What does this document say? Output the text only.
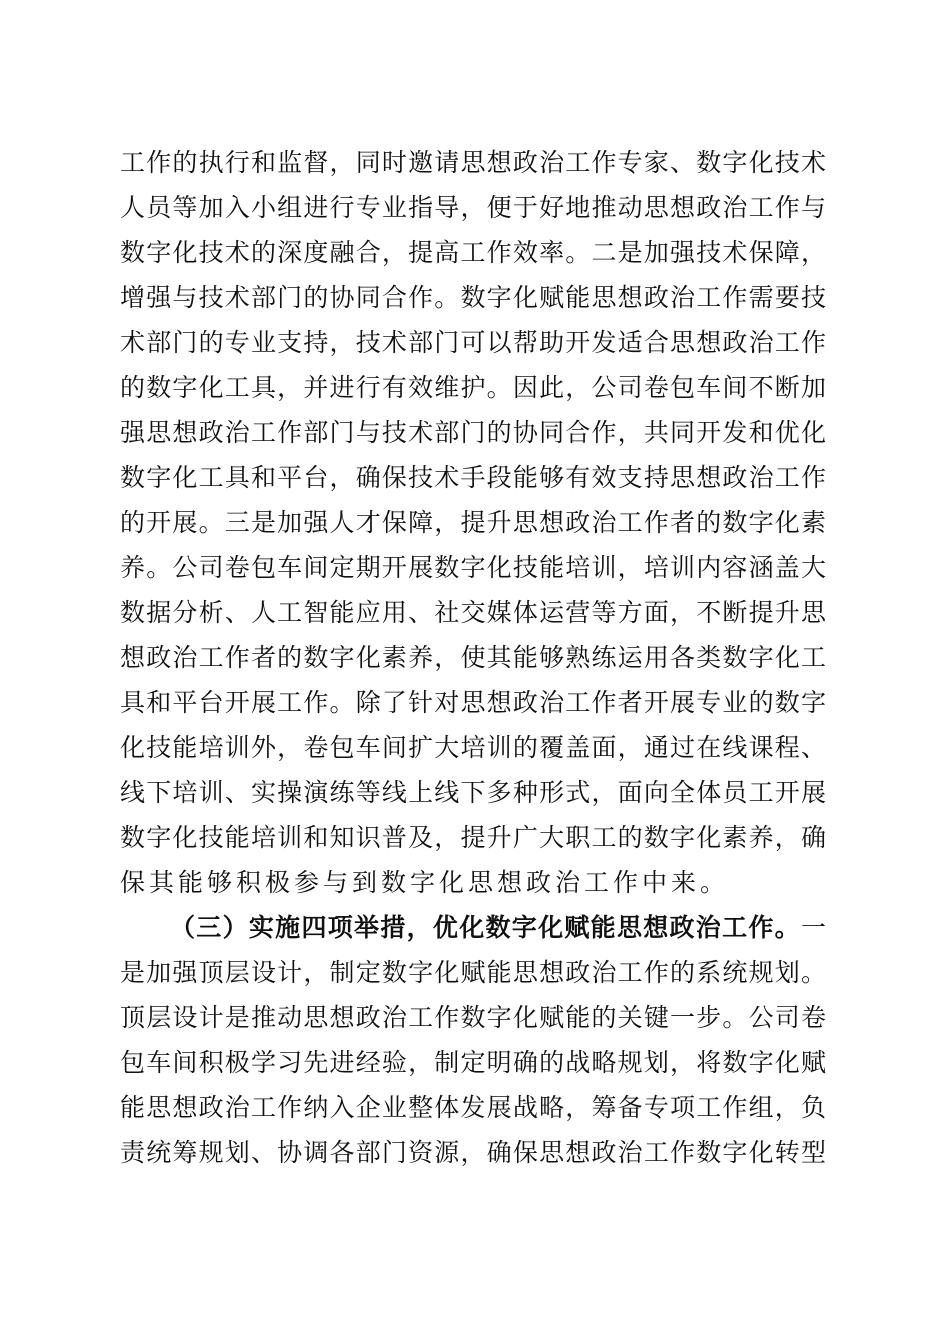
工作的执行和监督，同时邀请思想政治工作专家、数字化技术
人员等加入小组进行专业指导，便于好地推动思想政治工作与
数字化技术的深度融合，提高工作效率。二是加强技术保障，
增强与技术部门的协同合作。数字化赋能思想政治工作需要技
术部门的专业支持，技术部门可以帮助开发适合思想政治工作
的数字化工具，并进行有效维护。因此，公司卷包车间不断加
强思想政治工作部门与技术部门的协同合作，共同开发和优化
数字化工具和平台，确保技术手段能够有效支持思想政治工作
的开展。三是加强人才保障，提升思想政治工作者的数字化素
养。公司卷包车间定期开展数字化技能培训，培训内容涵盖大
数据分析、人工智能应用、社交媒体运营等方面，不断提升思
想政治工作者的数字化素养，使其能够熟练运用各类数字化工
具和平台开展工作。除了针对思想政治工作者开展专业的数字
化技能培训外，卷包车间扩大培训的覆盖面，通过在线课程、
线下培训、实操演练等线上线下多种形式，面向全体员工开展
数字化技能培训和知识普及，提升广大职工的数字化素养，确
保其能够积极参与到数字化思想政治工作中来。
（三）实施四项举措，优化数字化赋能思想政治工作。一
是加强顶层设计，制定数字化赋能思想政治工作的系统规划。
顶层设计是推动思想政治工作数字化赋能的关键一步。公司卷
包车间积极学习先进经验，制定明确的战略规划，将数字化赋
能思想政治工作纳入企业整体发展战略，筹备专项工作组，负
责统筹规划、协调各部门资源，确保思想政治工作数字化转型
